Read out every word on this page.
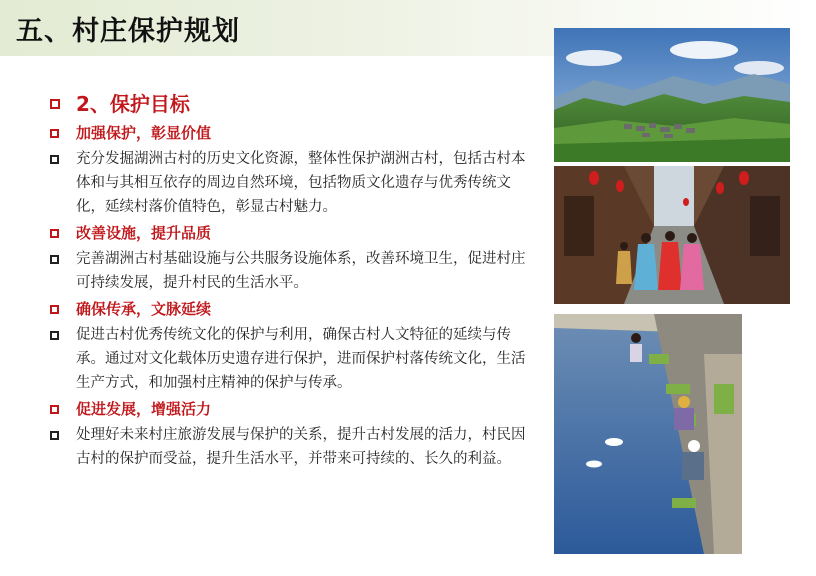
五、村庄保护规划
2、保护目标
加强保护，彰显价值
充分发掘湖洲古村的历史文化资源，整体性保护湖洲古村，包括古村本体和与其相互依存的周边自然环境，包括物质文化遗存与优秀传统文化，延续村落价值特色，彰显古村魅力。
改善设施，提升品质
完善湖洲古村基础设施与公共服务设施体系，改善环境卫生，促进村庄可持续发展，提升村民的生活水平。
确保传承，文脉延续
促进古村优秀传统文化的保护与利用，确保古村人文特征的延续与传承。通过对文化载体历史遗存进行保护，进而保护村落传统文化，生活生产方式，和加强村庄精神的保护与传承。
促进发展，增强活力
处理好未来村庄旅游发展与保护的关系，提升古村发展的活力，村民因古村的保护而受益，提升生活水平，并带来可持续的、长久的利益。
